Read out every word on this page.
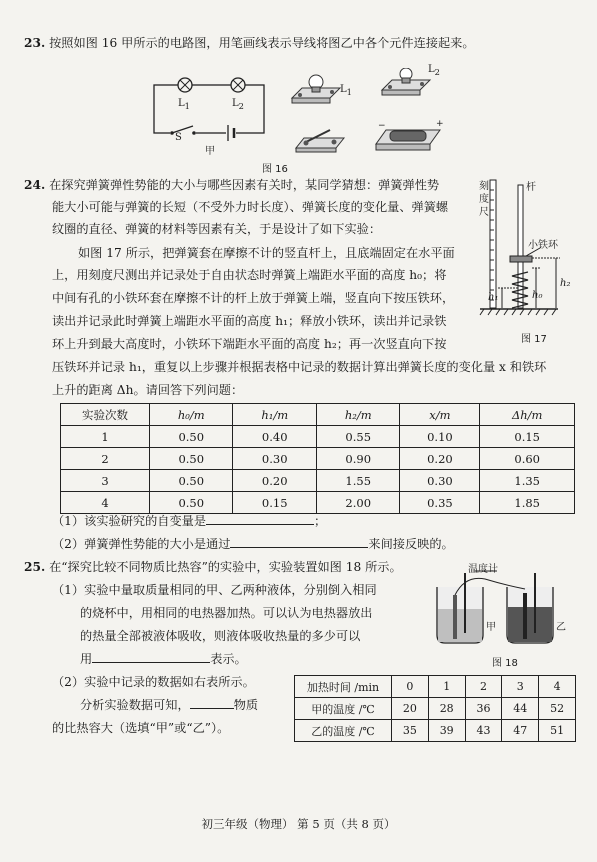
23. 按照如图 16 甲所示的电路图，用笔画线表示导线将图乙中各个元件连接起来。
$L_1$	$L_2$
S
甲
−	+
$L_1$
$L_2$
图 16
24. 在探究弹簧弹性势能的大小与哪些因素有关时，某同学猜想：弹簧弹性势
能大小可能与弹簧的长短（不受外力时长度）、弹簧长度的变化量、弹簧螺
纹圈的直径、弹簧的材料等因素有关，于是设计了如下实验：
如图 17 所示，把弹簧套在摩擦不计的竖直杆上，且底端固定在水平面
上，用刻度尺测出并记录处于自由状态时弹簧上端距水平面的高度 h₀；将
中间有孔的小铁环套在摩擦不计的杆上放于弹簧上端，竖直向下按压铁环，
读出并记录此时弹簧上端距水平面的高度 h₁；释放小铁环，读出并记录铁
环上升到最大高度时，小铁环下端距水平面的高度 h₂；再一次竖直向下按
压铁环并记录 h₁，重复以上步骤并根据表格中记录的数据计算出弹簧长度的变化量 x 和铁环
上升的距离 Δh。请回答下列问题：
刻度尺
杆
小铁环
h₁	h₀
h₂
图 17
实验次数	h₀/m	h₁/m	h₂/m	x/m	Δh/m
1	0.50	0.40	0.55	0.10	0.15
2	0.50	0.30	0.90	0.20	0.60
3	0.50	0.20	1.55	0.30	1.35
4	0.50	0.15	2.00	0.35	1.85
（1）该实验研究的自变量是	；
（2）弹簧弹性势能的大小是通过	来间接反映的。
25. 在“探究比较不同物质比热容”的实验中，实验装置如图 18 所示。
（1）实验中量取质量相同的甲、乙两种液体，分别倒入相同
的烧杯中，用相同的电热器加热。可以认为电热器放出
的热量全部被液体吸收，则液体吸收热量的多少可以
用	表示。
（2）实验中记录的数据如右表所示。
分析实验数据可知，	物质
的比热容大（选填“甲”或“乙”）。
温度计
甲	乙
图 18
加热时间 /min	0	1	2	3	4
甲的温度 /℃	20	28	36	44	52
乙的温度 /℃	35	39	43	47	51
初三年级（物理） 第 5 页（共 8 页）
